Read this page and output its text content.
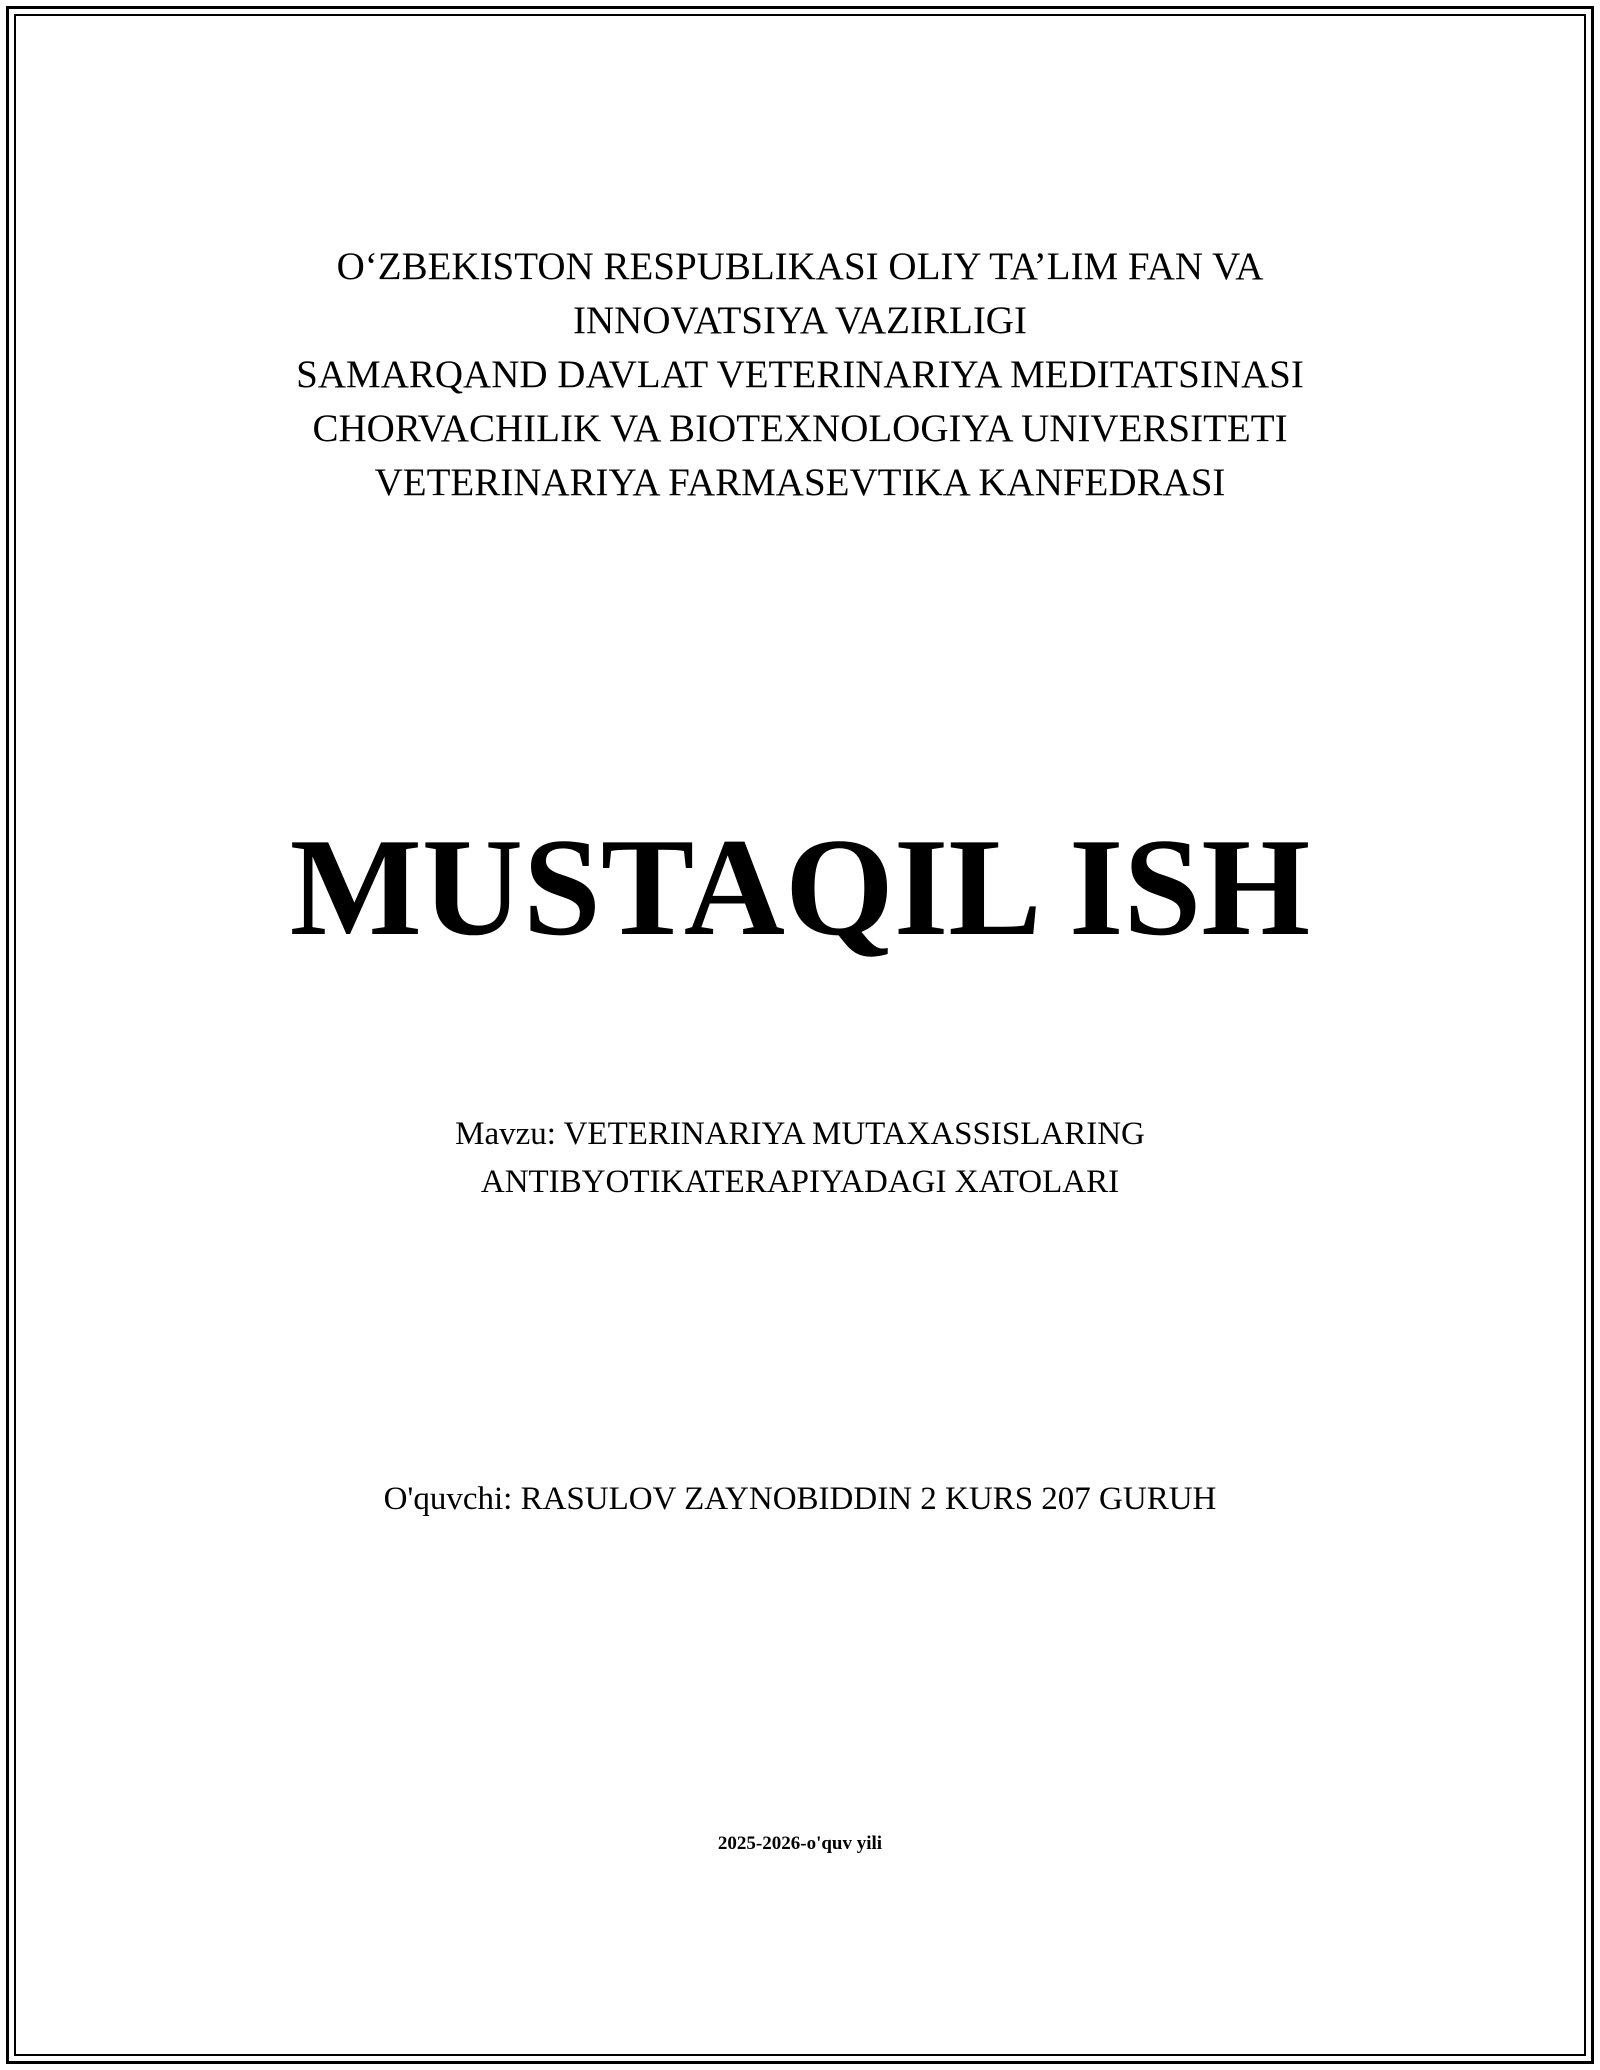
O‘ZBEKISTON RESPUBLIKASI OLIY TA’LIM FAN VA
INNOVATSIYA VAZIRLIGI
SAMARQAND DAVLAT VETERINARIYA MEDITATSINASI
CHORVACHILIK VA BIOTEXNOLOGIYA UNIVERSITETI
VETERINARIYA FARMASEVTIKA KANFEDRASI
MUSTAQIL ISH
Mavzu: VETERINARIYA MUTAXASSISLARING
ANTIBYOTIKATERAPIYADAGI XATOLARI
O'quvchi: RASULOV ZAYNOBIDDIN 2 KURS 207 GURUH
2025-2026-o'quv yili
